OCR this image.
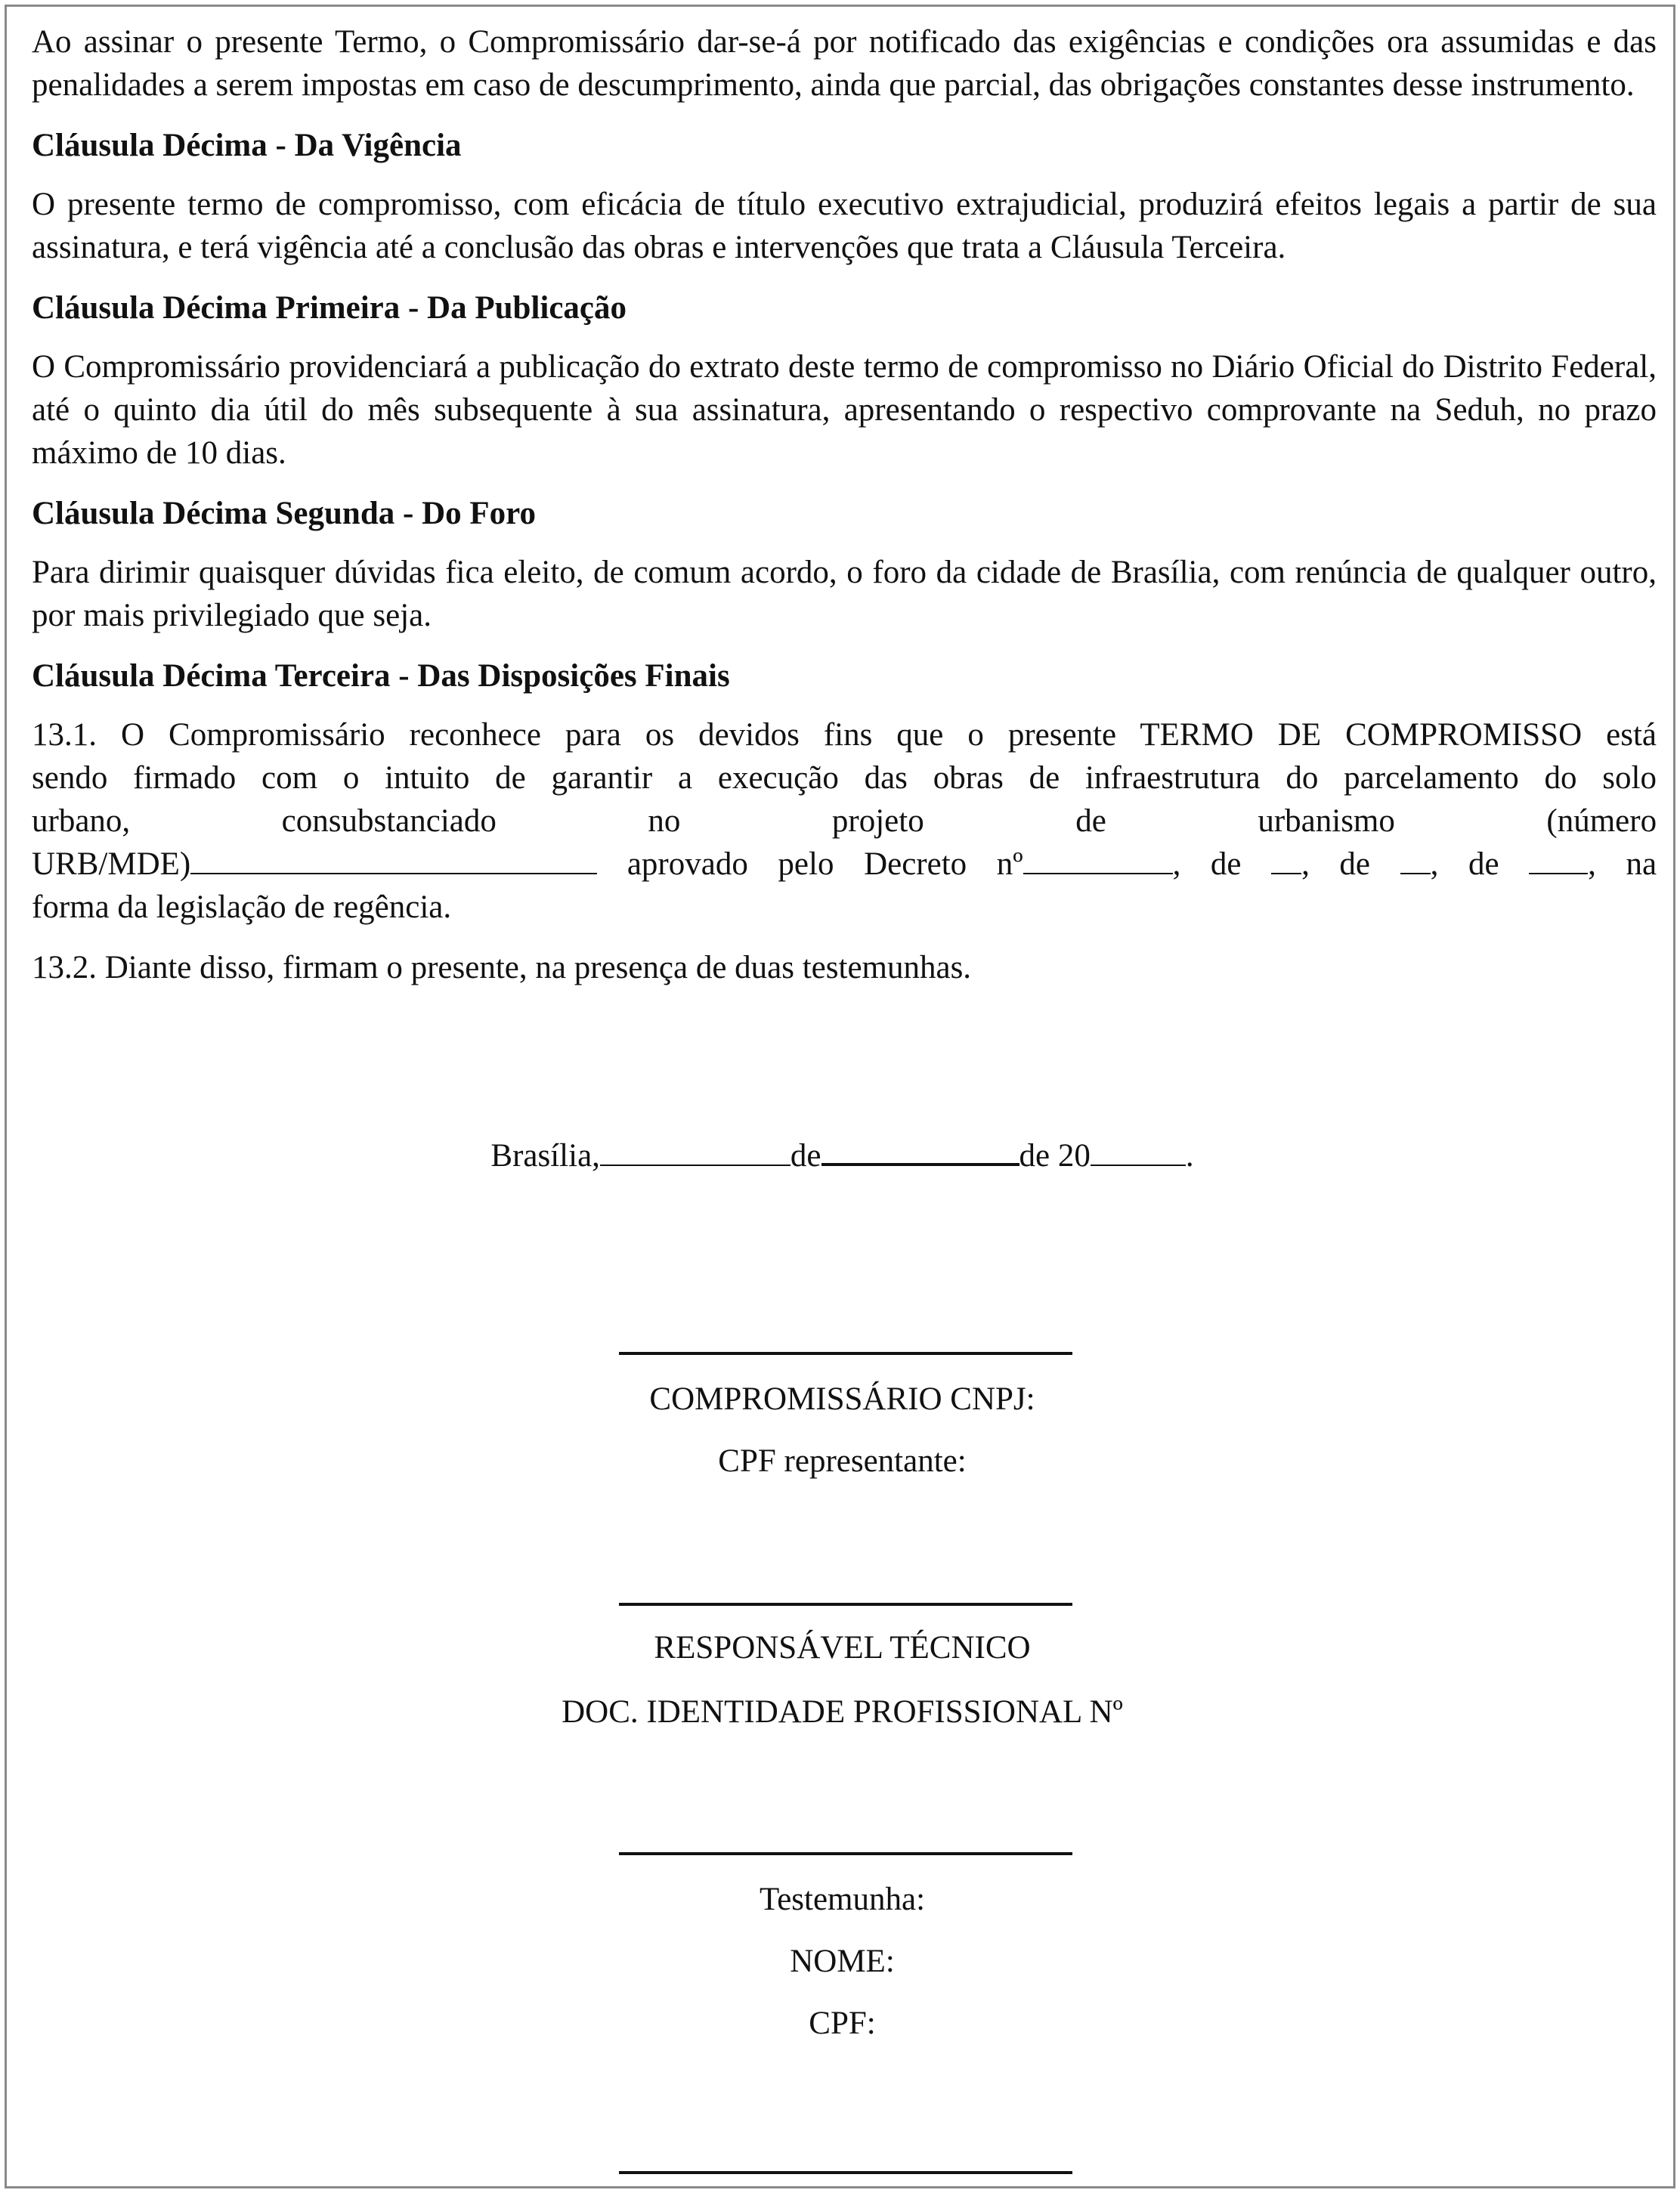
Ao assinar o presente Termo, o Compromissário dar-se-á por notificado das exigências e condições ora assumidas e das penalidades a serem impostas em caso de descumprimento, ainda que parcial, das obrigações constantes desse instrumento.

Cláusula Décima - Da Vigência

O presente termo de compromisso, com eficácia de título executivo extrajudicial, produzirá efeitos legais a partir de sua assinatura, e terá vigência até a conclusão das obras e intervenções que trata a Cláusula Terceira.

Cláusula Décima Primeira - Da Publicação

O Compromissário providenciará a publicação do extrato deste termo de compromisso no Diário Oficial do Distrito Federal, até o quinto dia útil do mês subsequente à sua assinatura, apresentando o respectivo comprovante na Seduh, no prazo máximo de 10 dias.

Cláusula Décima Segunda - Do Foro

Para dirimir quaisquer dúvidas fica eleito, de comum acordo, o foro da cidade de Brasília, com renúncia de qualquer outro, por mais privilegiado que seja.

Cláusula Décima Terceira - Das Disposições Finais

13.1. O Compromissário reconhece para os devidos fins que o presente TERMO DE COMPROMISSO está

sendo firmado com o intuito de garantir a execução das obras de infraestrutura do parcelamento do solo

urbano,	consubstanciado	no	projeto	de	urbanismo	(número

URB/MDE)	aprovado pelo Decreto nº	, de , de , de	, na

forma da legislação de regência.

13.2. Diante disso, firmam o presente, na presença de duas testemunhas.

Brasília,	de	de 20	.
COMPROMISSÁRIO CNPJ:
CPF representante:
RESPONSÁVEL TÉCNICO
DOC. IDENTIDADE PROFISSIONAL Nº
Testemunha:
NOME:
CPF:
